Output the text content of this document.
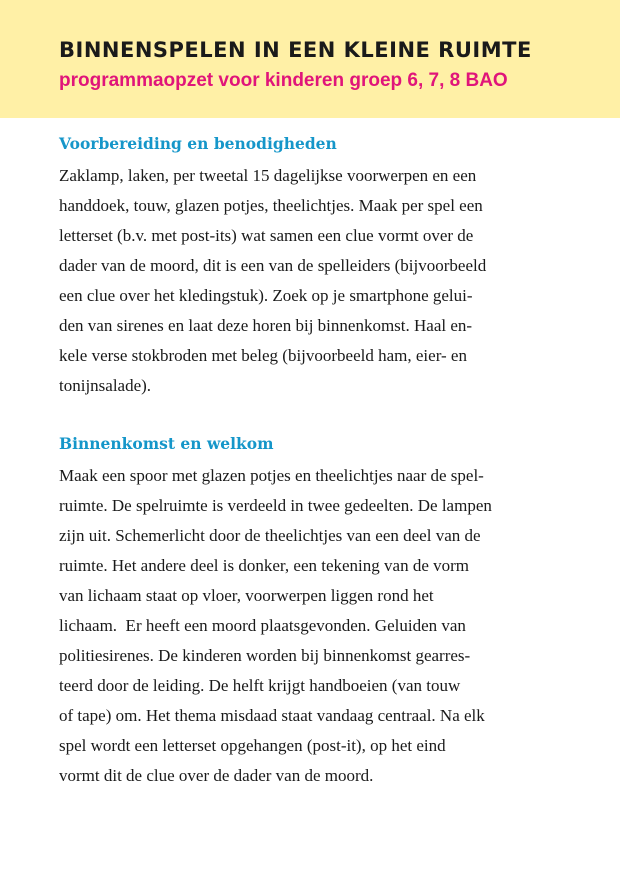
BINNENSPELEN IN EEN KLEINE RUIMTE
programmaopzet voor kinderen groep 6, 7, 8 BAO
Voorbereiding en benodigheden
Zaklamp, laken, per tweetal 15 dagelijkse voorwerpen en een
handdoek, touw, glazen potjes, theelichtjes. Maak per spel een
letterset (b.v. met post-its) wat samen een clue vormt over de
dader van de moord, dit is een van de spelleiders (bijvoorbeeld
een clue over het kledingstuk). Zoek op je smartphone gelui-
den van sirenes en laat deze horen bij binnenkomst. Haal en-
kele verse stokbroden met beleg (bijvoorbeeld ham, eier- en
tonijnsalade).
Binnenkomst en welkom
Maak een spoor met glazen potjes en theelichtjes naar de spel-
ruimte. De spelruimte is verdeeld in twee gedeelten. De lampen
zijn uit. Schemerlicht door de theelichtjes van een deel van de
ruimte. Het andere deel is donker, een tekening van de vorm
van lichaam staat op vloer, voorwerpen liggen rond het
lichaam.  Er heeft een moord plaatsgevonden. Geluiden van
politiesirenes. De kinderen worden bij binnenkomst gearres-
teerd door de leiding. De helft krijgt handboeien (van touw
of tape) om. Het thema misdaad staat vandaag centraal. Na elk
spel wordt een letterset opgehangen (post-it), op het eind
vormt dit de clue over de dader van de moord.
